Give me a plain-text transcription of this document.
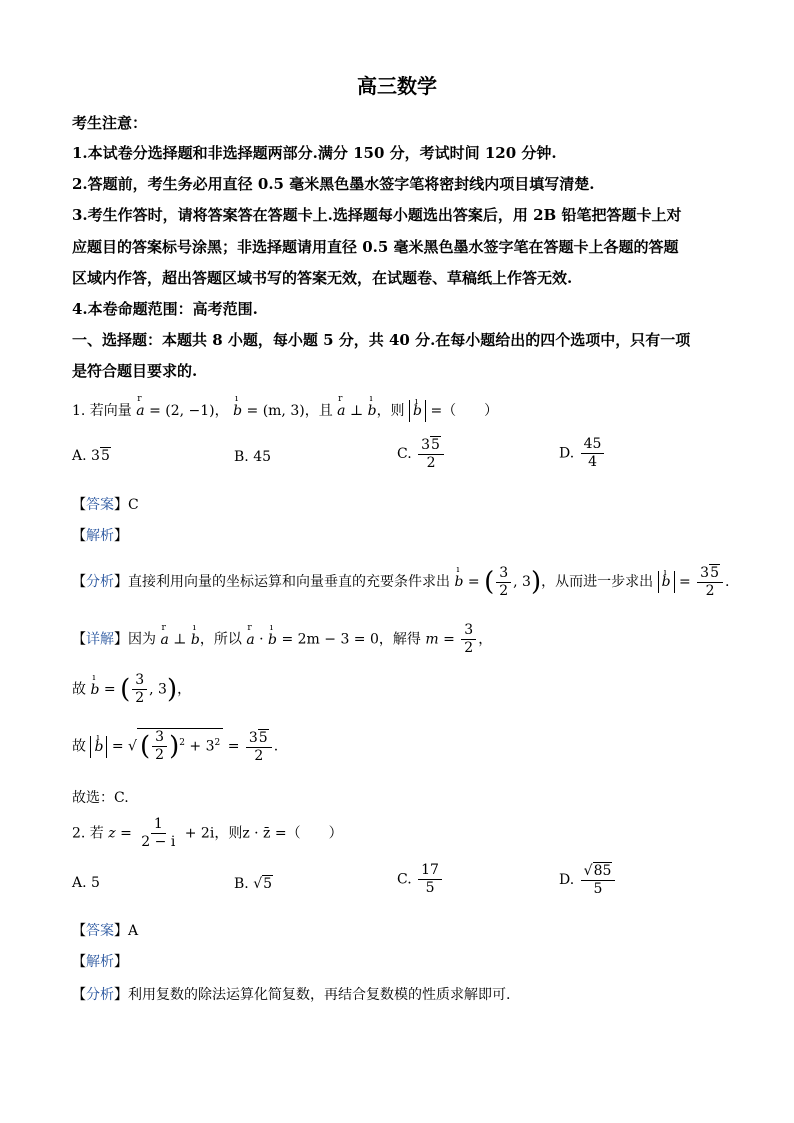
高三数学
考生注意：
1.本试卷分选择题和非选择题两部分.满分 150 分，考试时间 120 分钟.
2.答题前，考生务必用直径 0.5 毫米黑色墨水签字笔将密封线内项目填写清楚.
3.考生作答时，请将答案答在答题卡上.选择题每小题选出答案后，用 2B 铅笔把答题卡上对
应题目的答案标号涂黑；非选择题请用直径 0.5 毫米黑色墨水签字笔在答题卡上各题的答题
区域内作答，超出答题区域书写的答案无效，在试题卷、草稿纸上作答无效.
4.本卷命题范围：高考范围.
一、选择题：本题共 8 小题，每小题 5 分，共 40 分.在每小题给出的四个选项中，只有一项
是符合题目要求的.
1. 若向量 r a = (2, −1)， ı b = (m, 3)，且 r a ⊥ ı b，则 ı b =（　　）
A. 35	B. 45	C. $\frac{35}{2}$	D. $\frac{45}{4}$
【答案】C
【解析】
【分析】直接利用向量的坐标运算和向量垂直的充要条件求出 ı b = ( $\frac{3}{2}$ , 3)，从而进一步求出 ı $b = \frac{35}{2}$ .
【详解】因为 r a ⊥ ı b，所以 r a · ı b = 2m − 3 = 0，解得 $m = \frac{3}{2}$ ，
故 ı b = ( $\frac{3}{2}$ , 3)，
故 ı b = √ ( $\frac{3}{2} )^2 + 3^2 = \frac{35}{2}$ .
故选：C.
2. 若 $z = \frac{1}{2 - i} + 2i$，则z · z̄ =（　　）
A. 5	B. √5	C. $\frac{17}{5}$	D. $\frac{√85}{5}$
【答案】A
【解析】
【分析】利用复数的除法运算化简复数，再结合复数模的性质求解即可.
